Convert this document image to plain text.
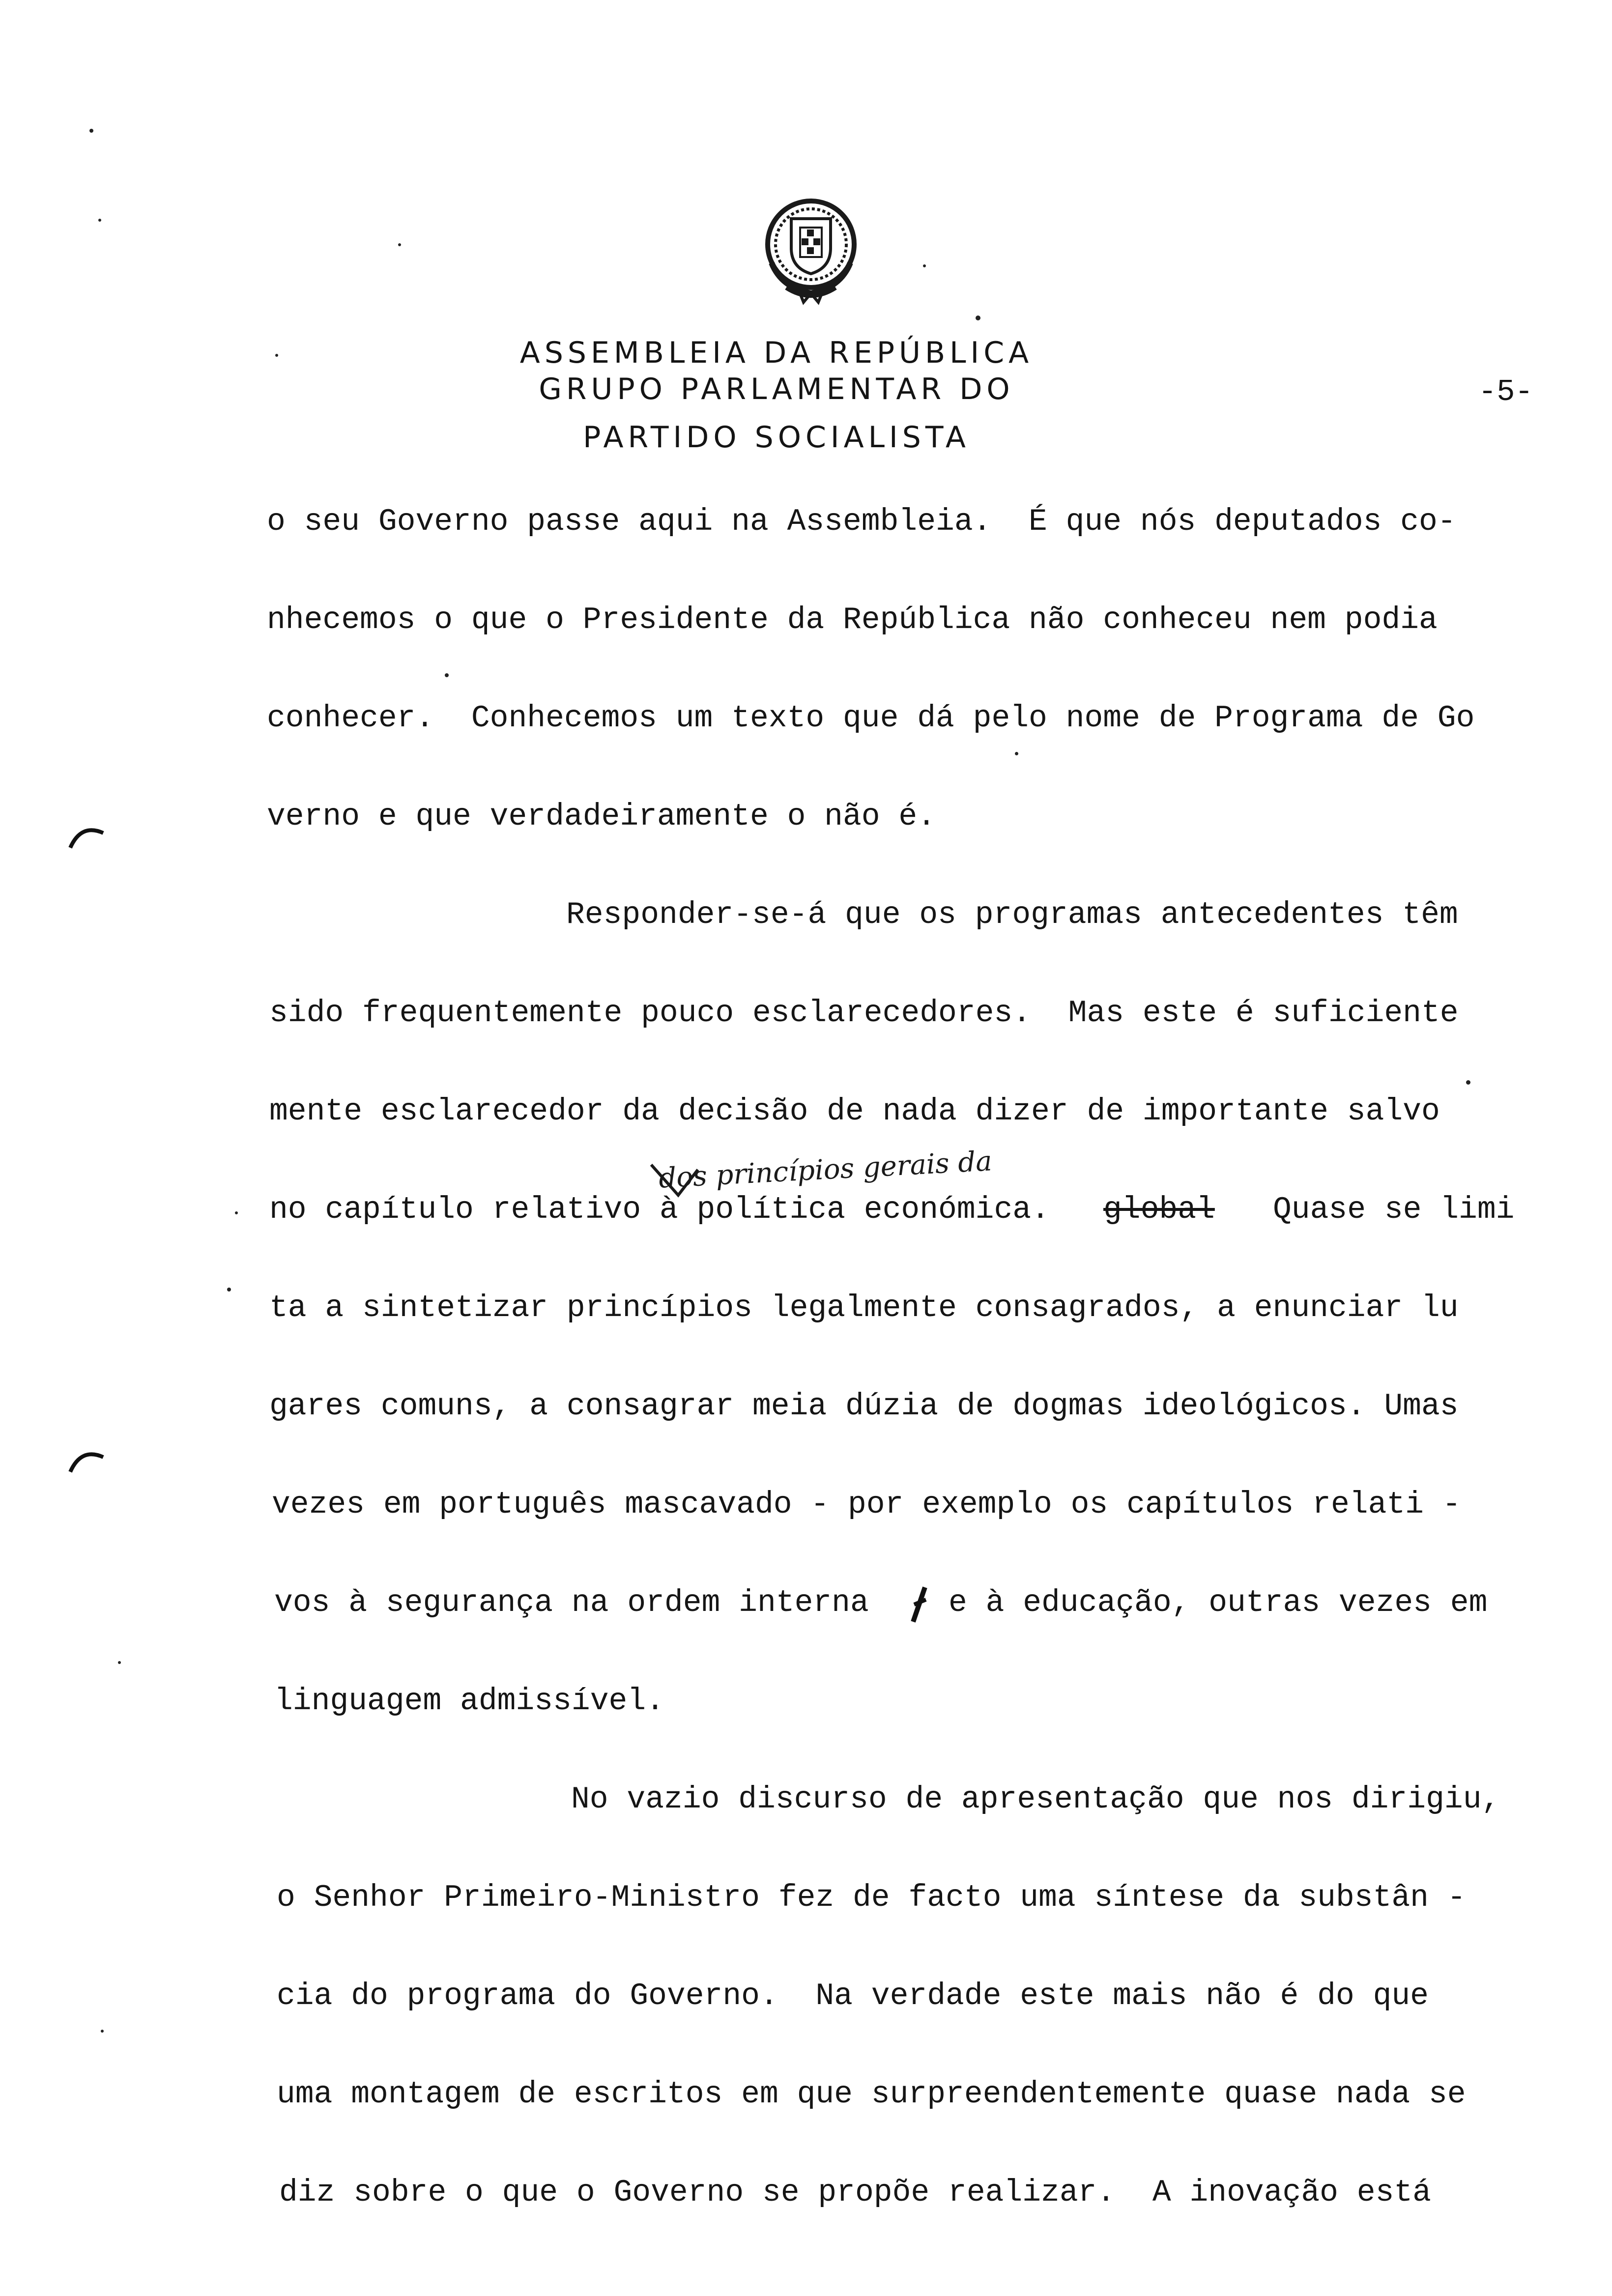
ASSEMBLEIA DA REPÚBLICA
GRUPO PARLAMENTAR DO
PARTIDO SOCIALISTA
-5-
o seu Governo passe aqui na Assembleia.  É que nós deputados co-
nhecemos o que o Presidente da República não conheceu nem podia
conhecer.  Conhecemos um texto que dá pelo nome de Programa de Go
verno e que verdadeiramente o não é.
Responder-se-á que os programas antecedentes têm
sido frequentemente pouco esclarecedores.  Mas este é suficiente
mente esclarecedor da decisão de nada dizer de importante salvo
dos princípios gerais da
no capítulo relativo à política económica. global Quase se limi
ta a sintetizar princípios legalmente consagrados, a enunciar lu
gares comuns, a consagrar meia dúzia de dogmas ideológicos. Umas
vezes em português mascavado - por exemplo os capítulos relati -
vos à segurança na ordem interna	e à educação, outras vezes em
linguagem admissível.
No vazio discurso de apresentação que nos dirigiu,
o Senhor Primeiro-Ministro fez de facto uma síntese da substân -
cia do programa do Governo.  Na verdade este mais não é do que
uma montagem de escritos em que surpreendentemente quase nada se
diz sobre o que o Governo se propõe realizar.  A inovação está
